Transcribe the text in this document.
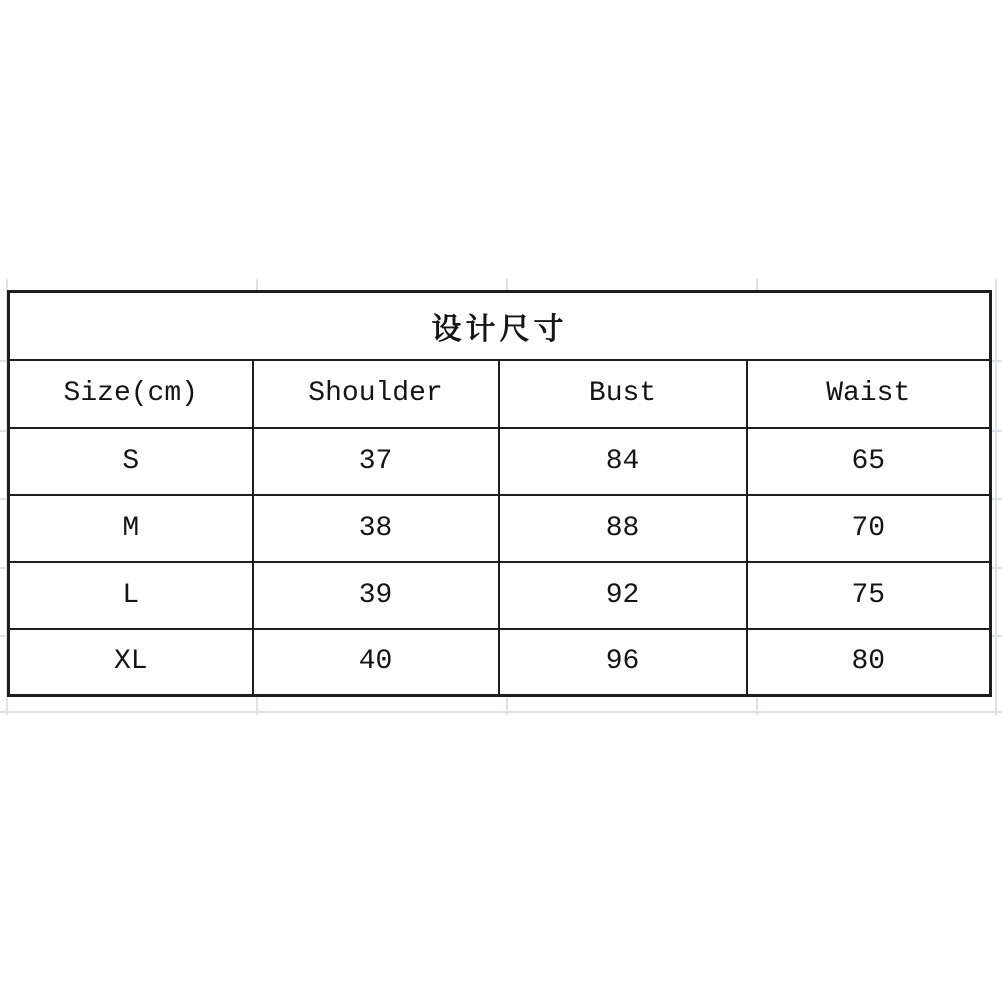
设计尺寸			
Size(cm)	Shoulder	Bust	Waist
S	37	84	65
M	38	88	70
L	39	92	75
XL	40	96	80
